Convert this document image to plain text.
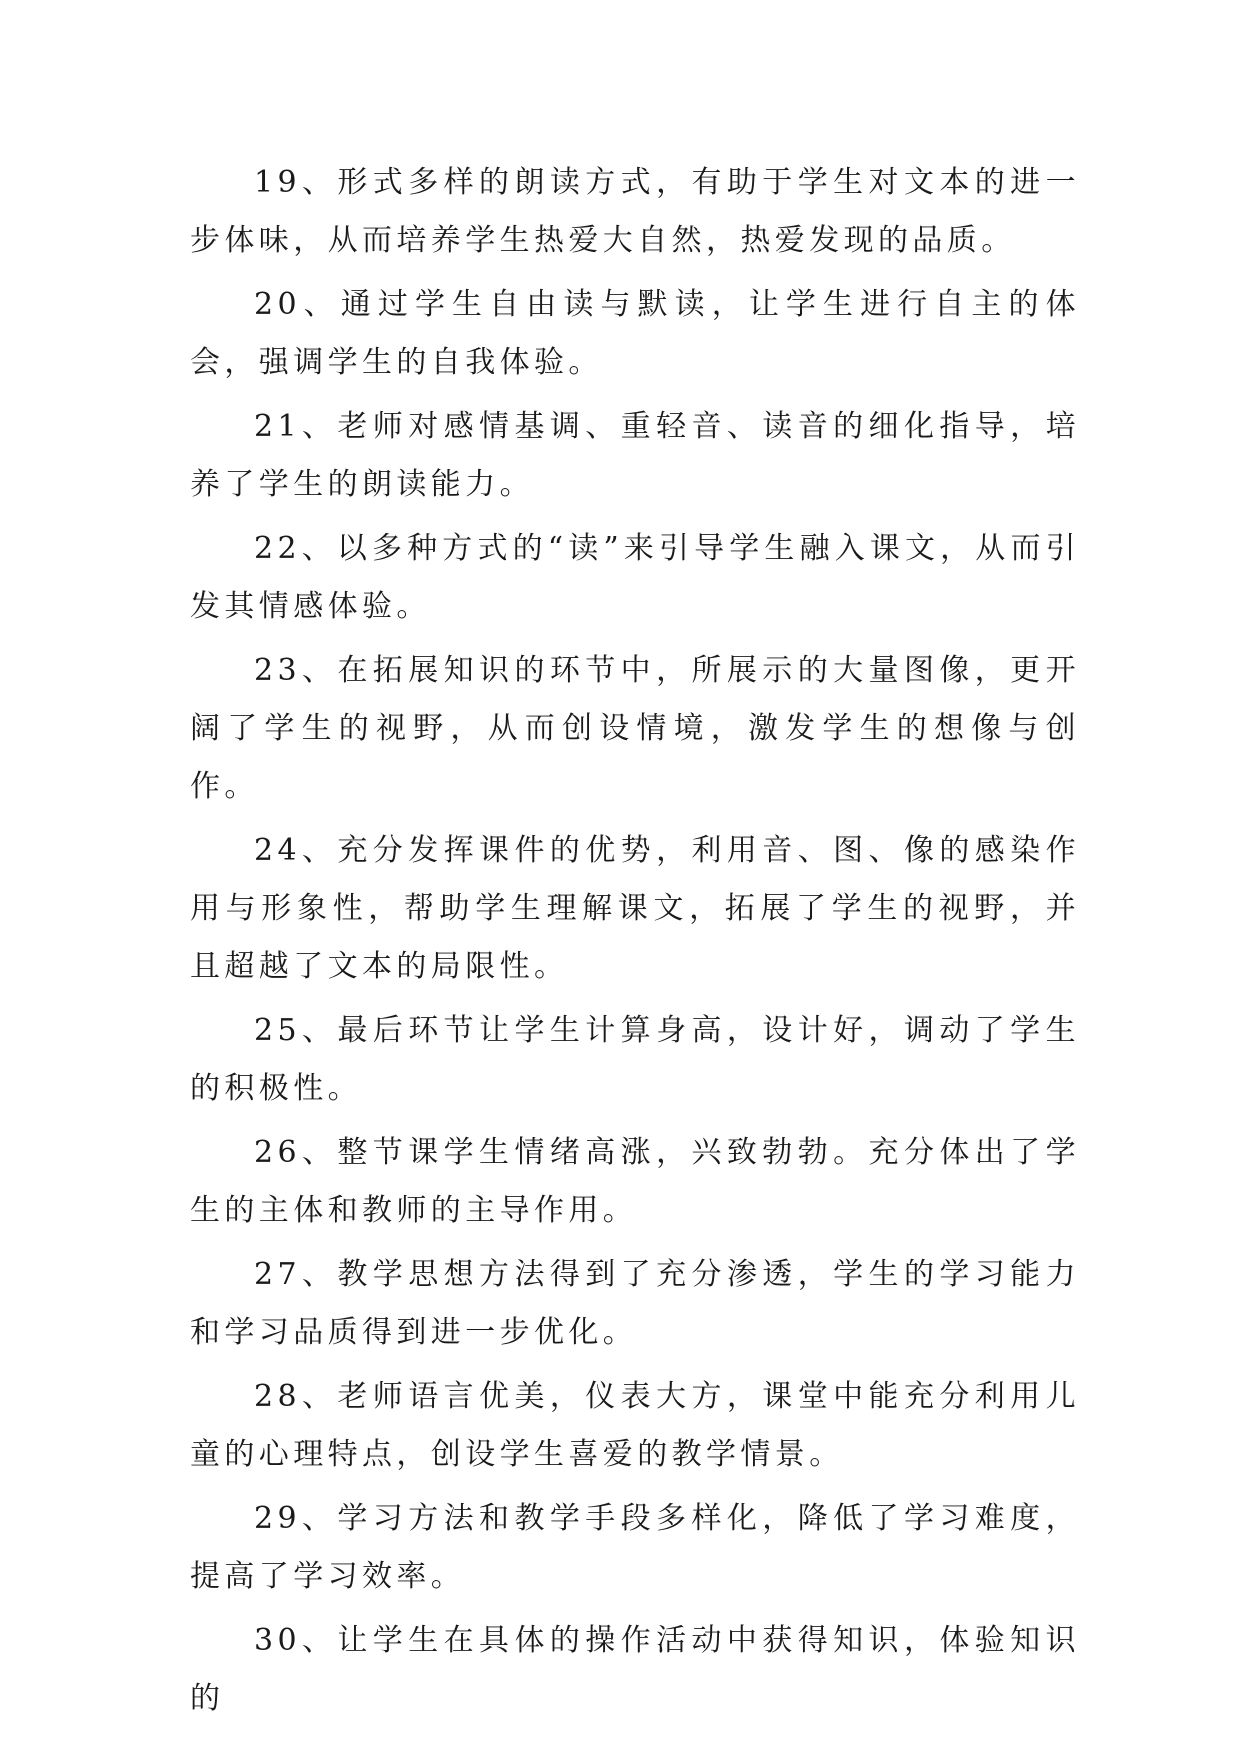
19、形式多样的朗读方式，有助于学生对文本的进一步体味，从而培养学生热爱大自然，热爱发现的品质。

20、通过学生自由读与默读，让学生进行自主的体会，强调学生的自我体验。

21、老师对感情基调、重轻音、读音的细化指导，培养了学生的朗读能力。

22、以多种方式的“读”来引导学生融入课文，从而引发其情感体验。

23、在拓展知识的环节中，所展示的大量图像，更开阔了学生的视野，从而创设情境，激发学生的想像与创作。

24、充分发挥课件的优势，利用音、图、像的感染作用与形象性，帮助学生理解课文，拓展了学生的视野，并且超越了文本的局限性。

25、最后环节让学生计算身高，设计好，调动了学生的积极性。

26、整节课学生情绪高涨，兴致勃勃。充分体出了学生的主体和教师的主导作用。

27、教学思想方法得到了充分渗透，学生的学习能力和学习品质得到进一步优化。

28、老师语言优美，仪表大方，课堂中能充分利用儿童的心理特点，创设学生喜爱的教学情景。

29、学习方法和教学手段多样化，降低了学习难度，提高了学习效率。

30、让学生在具体的操作活动中获得知识，体验知识的
